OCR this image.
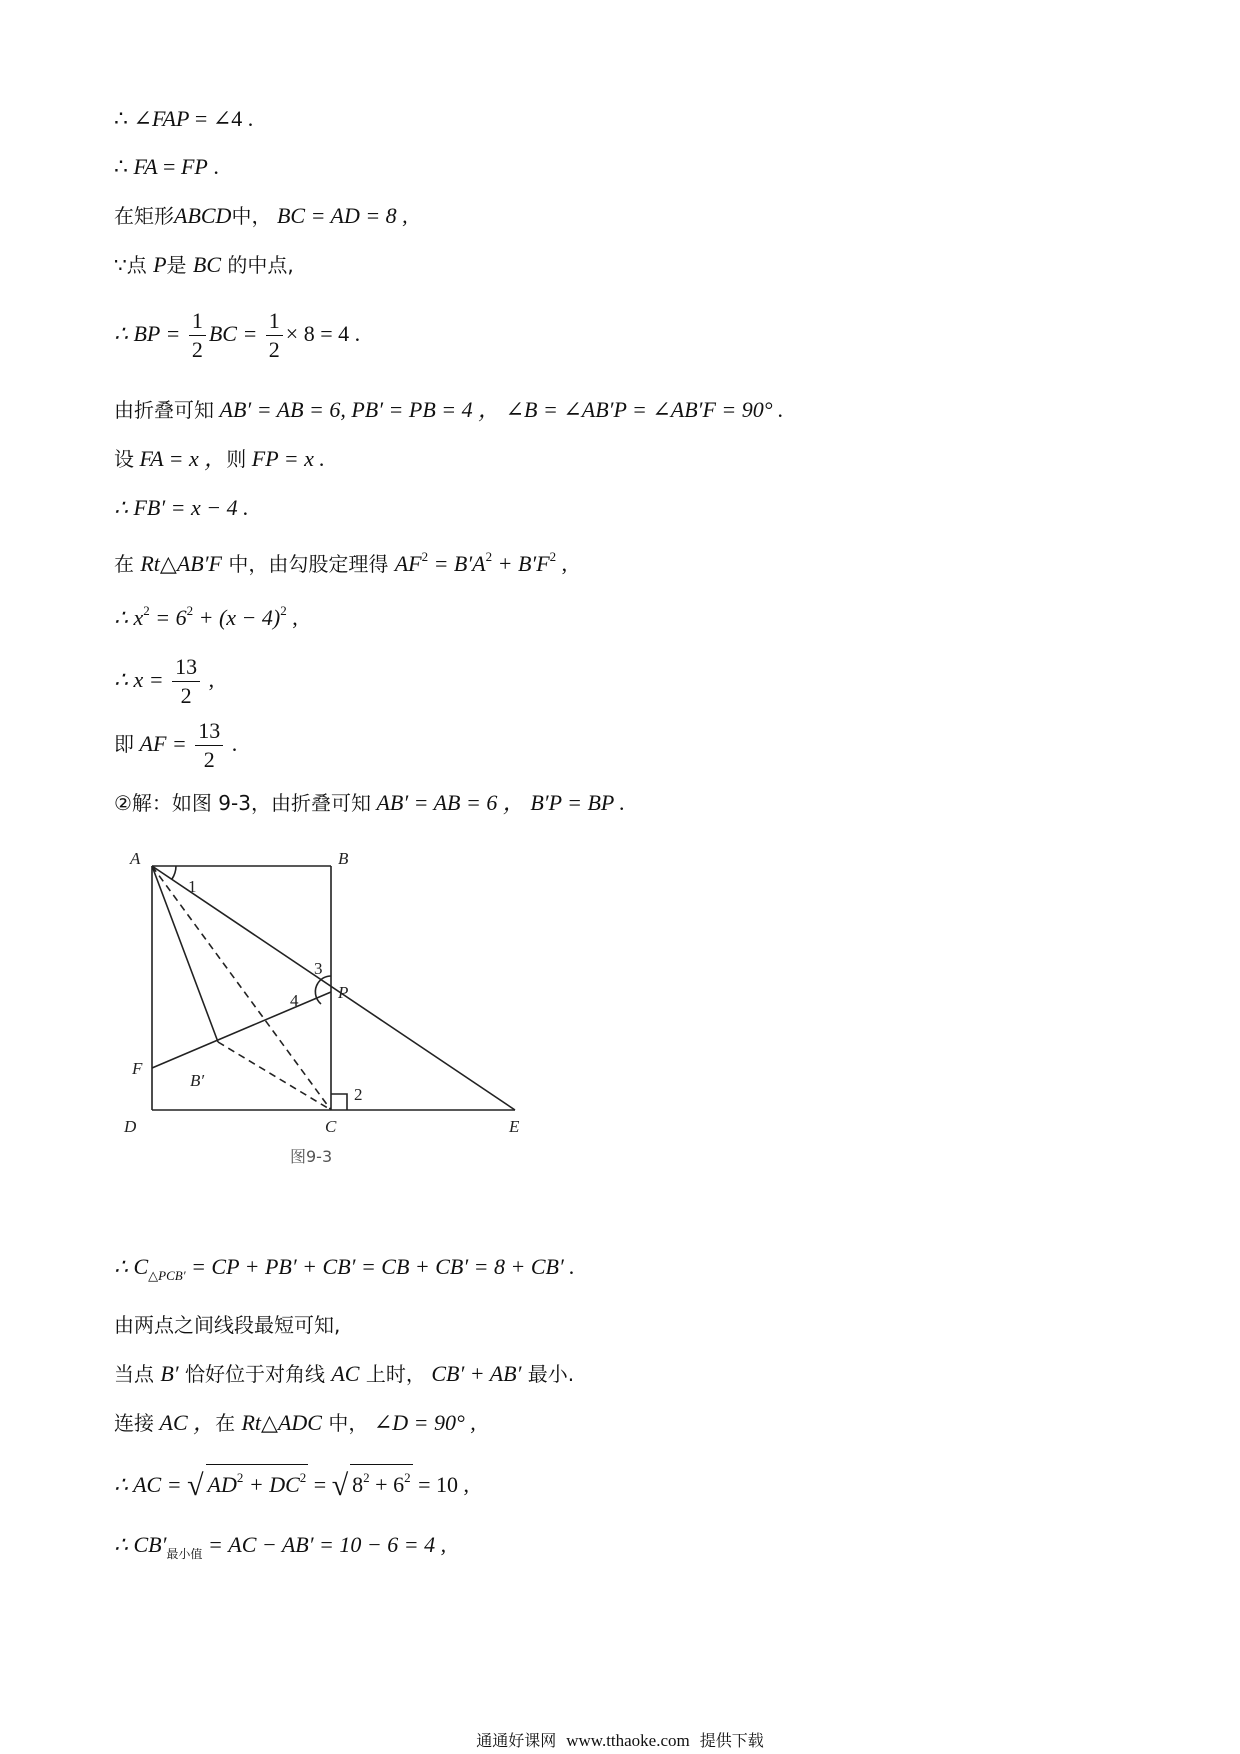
∴ ∠FAP = ∠4 .
∴ FA = FP .
在矩形ABCD中， BC = AD = 8 ,
∵点 P是 BC 的中点,
∴ BP = $\frac{1}{2}$ BC = $\frac{1}{2} \times 8 = 4$ .
由折叠可知 AB′ = AB = 6, PB′ = PB = 4 ， ∠B = ∠AB′P = ∠AB′F = 90° .
设 FA = x ，则 FP = x .
∴ FB′ = x − 4 .
在 Rt△AB′F 中，由勾股定理得 $AF^2 = B'A^2 + B'F^2$ ,
∴ $x^2 = 6^2 + (x - 4)^2$ ,
∴ $x = \frac{13}{2}$ ,
即 AF = $\frac{13}{2}$ .
②解：如图 9-3，由折叠可知 AB′ = AB = 6 ， B′P = BP .
A	B
D	C	E
F
P
B′
1
2
3
4
图9-3
∴ $C_{\triangle PCB'}$ = CP + PB′ + CB′ = CB + CB′ = 8 + CB′ .
由两点之间线段最短可知,
当点 B′ 恰好位于对角线 AC 上时， CB′ + AB′ 最小.
连接 AC ，在 Rt△ADC 中， ∠D = 90° ,
∴ AC = √ $AD^2 + DC^2$ = √ $8^2 + 6^2 = 10$ ,
∴ $CB'_{最小值}$ = AC − AB′ = 10 − 6 = 4 ,
通通好课网 www.tthaoke.com 提供下载
